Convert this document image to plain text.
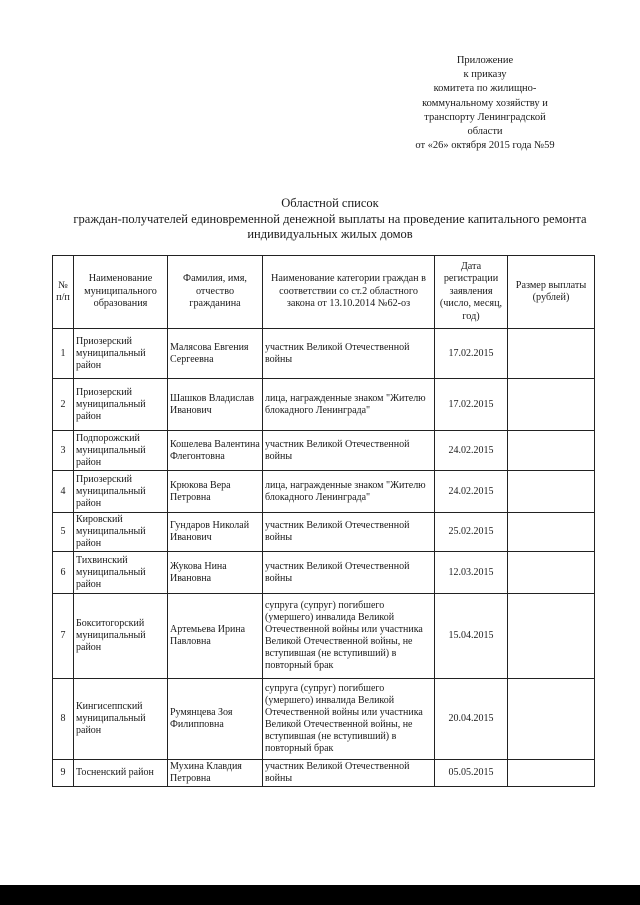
Приложение
к приказу
комитета по жилищно-
коммунальному хозяйству и
транспорту Ленинградской
области
от «26» октября 2015 года №59
Областной список
граждан-получателей единовременной денежной выплаты на проведение капитального ремонта
индивидуальных жилых домов
№ п/п	Наименование муниципального образования	Фамилия, имя, отчество гражданина	Наименование категории граждан в соответствии со ст.2 областного закона от 13.10.2014 №62-оз	Дата регистрации заявления (число, месяц, год)	Размер выплаты (рублей)
1	Приозерский муниципальный район	Малясова Евгения Сергеевна	участник Великой Отечественной войны	17.02.2015	
2	Приозерский муниципальный район	Шашков Владислав Иванович	лица, награжденные знаком "Жителю блокадного Ленинграда"	17.02.2015	
3	Подпорожский муниципальный район	Кошелева Валентина Флегонтовна	участник Великой Отечественной войны	24.02.2015	
4	Приозерский муниципальный район	Крюкова Вера Петровна	лица, награжденные знаком "Жителю блокадного Ленинграда"	24.02.2015	
5	Кировский муниципальный район	Гундаров Николай Иванович	участник Великой Отечественной войны	25.02.2015	
6	Тихвинский муниципальный район	Жукова Нина Ивановна	участник Великой Отечественной войны	12.03.2015	
7	Бокситогорский муниципальный район	Артемьева Ирина Павловна	супруга (супруг) погибшего (умершего) инвалида Великой Отечественной войны или участника Великой Отечественной войны, не вступившая (не вступивший) в повторный брак	15.04.2015	
8	Кингисеппский муниципальный район	Румянцева Зоя Филипповна	супруга (супруг) погибшего (умершего) инвалида Великой Отечественной войны или участника Великой Отечественной войны, не вступившая (не вступивший) в повторный брак	20.04.2015	
9	Тосненский район	Мухина Клавдия Петровна	участник Великой Отечественной войны	05.05.2015	
